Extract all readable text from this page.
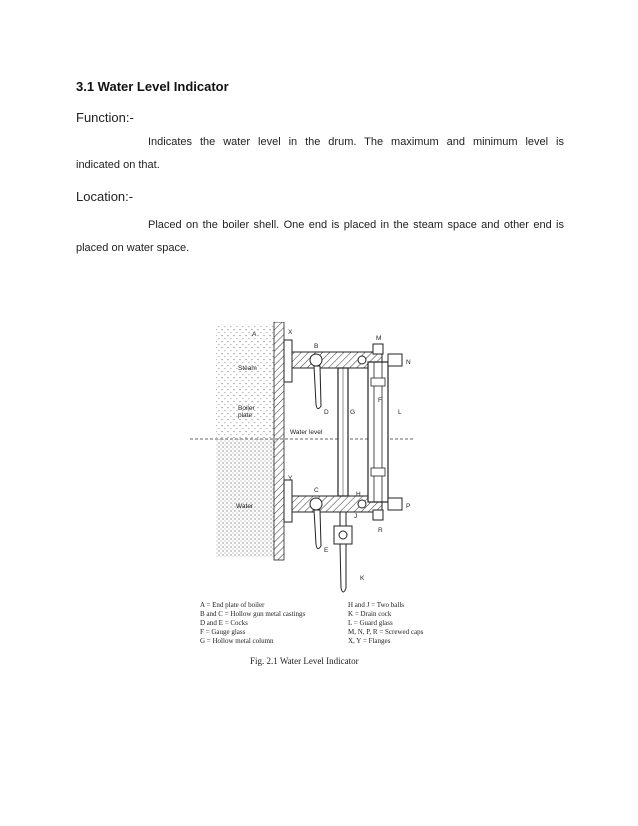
3.1 Water Level Indicator
Function:-
Indicates the water level in the drum. The maximum and minimum level is
indicated on that.
Location:-
Placed on the boiler shell. One end is placed in the steam space and other end is
placed on water space.
X
A
B
M
N
Steam
Boiler
plate	D	G
F
L
Water level
Y
C
H
Water
J
P
R
E
K
A = End plate of boiler
B and C = Hollow gun metal castings
D and E = Cocks
F = Gauge glass
G = Hollow metal column
H and J = Two balls
K = Drain cock
L = Guard glass
M, N, P, R = Screwed caps
X, Y = Flanges
Fig. 2.1 Water Level Indicator
